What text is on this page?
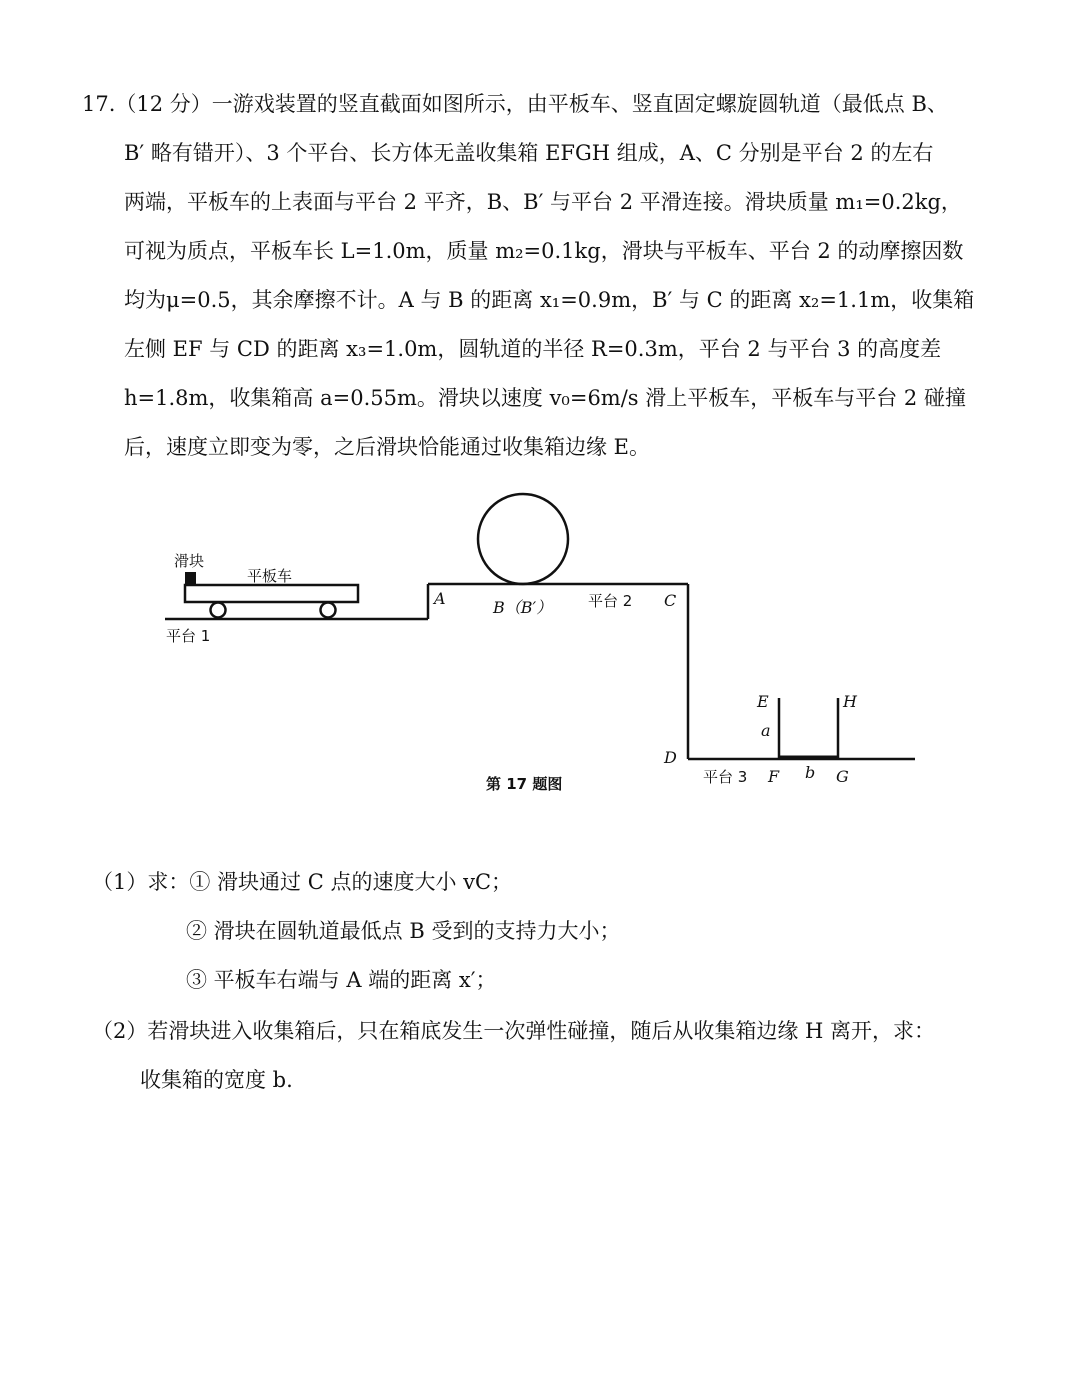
17.（12 分）一游戏装置的竖直截面如图所示，由平板车、竖直固定螺旋圆轨道（最低点 B、
B′ 略有错开）、3 个平台、长方体无盖收集箱 EFGH 组成，A、C 分别是平台 2 的左右
两端，平板车的上表面与平台 2 平齐，B、B′ 与平台 2 平滑连接。滑块质量 m₁=0.2kg，
可视为质点，平板车长 L=1.0m，质量 m₂=0.1kg，滑块与平板车、平台 2 的动摩擦因数
均为μ=0.5，其余摩擦不计。A 与 B 的距离 x₁=0.9m，B′ 与 C 的距离 x₂=1.1m，收集箱
左侧 EF 与 CD 的距离 x₃=1.0m，圆轨道的半径 R=0.3m，平台 2 与平台 3 的高度差
h=1.8m，收集箱高 a=0.55m。滑块以速度 v₀=6m/s 滑上平板车，平板车与平台 2 碰撞
后，速度立即变为零，之后滑块恰能通过收集箱边缘 E。
滑块
平板车
平台 1
A	B（B′） 平台 2 C
D
平台 3
E
a
F b G
H
第 17 题图
（1）求：① 滑块通过 C 点的速度大小 vC；
② 滑块在圆轨道最低点 B 受到的支持力大小；
③ 平板车右端与 A 端的距离 x′；
（2）若滑块进入收集箱后，只在箱底发生一次弹性碰撞，随后从收集箱边缘 H 离开，求：
收集箱的宽度 b.
